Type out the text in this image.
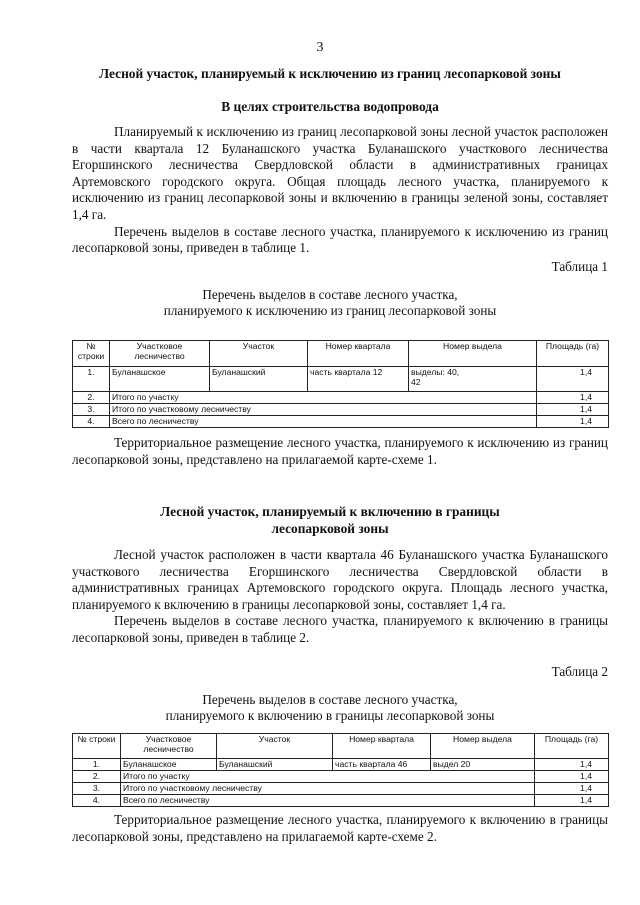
3
Лесной участок, планируемый к исключению из границ лесопарковой зоны
В целях строительства водопровода

Планируемый к исключению из границ лесопарковой зоны лесной участок расположен в части квартала 12 Буланашского участка Буланашского участкового лесничества Егоршинского лесничества Свердловской области в административных границах Артемовского городского округа. Общая площадь лесного участка, планируемого к исключению из границ лесопарковой зоны и включению в границы зеленой зоны, составляет 1,4 га.

Перечень выделов в составе лесного участка, планируемого к исключению из границ лесопарковой зоны, приведен в таблице 1.

Таблица 1
Перечень выделов в составе лесного участка,
планируемого к исключению из границ лесопарковой зоны
№ строки	Участковое лесничество	Участок	Номер квартала	Номер выдела	Площадь (га)
1.	Буланашское	Буланашский	часть квартала 12	выделы: 40, 42	1,4
2.	Итого по участку				1,4
3.	Итого по участковому лесничеству				1,4
4.	Всего по лесничеству				1,4

Территориальное размещение лесного участка, планируемого к исключению из границ лесопарковой зоны, представлено на прилагаемой карте-схеме 1.

Лесной участок, планируемый к включению в границы
лесопарковой зоны

Лесной участок расположен в части квартала 46 Буланашского участка Буланашского участкового лесничества Егоршинского лесничества Свердловской области в административных границах Артемовского городского округа. Площадь лесного участка, планируемого к включению в границы лесопарковой зоны, составляет 1,4 га.

Перечень выделов в составе лесного участка, планируемого к включению в границы лесопарковой зоны, приведен в таблице 2.

Таблица 2
Перечень выделов в составе лесного участка,
планируемого к включению в границы лесопарковой зоны
№ строки	Участковое лесничество	Участок	Номер квартала	Номер выдела	Площадь (га)
1.	Буланашское	Буланашский	часть квартала 46	выдел 20	1,4
2.	Итого по участку				1,4
3.	Итого по участковому лесничеству				1,4
4.	Всего по лесничеству				1,4

Территориальное размещение лесного участка, планируемого к включению в границы лесопарковой зоны, представлено на прилагаемой карте-схеме 2.
